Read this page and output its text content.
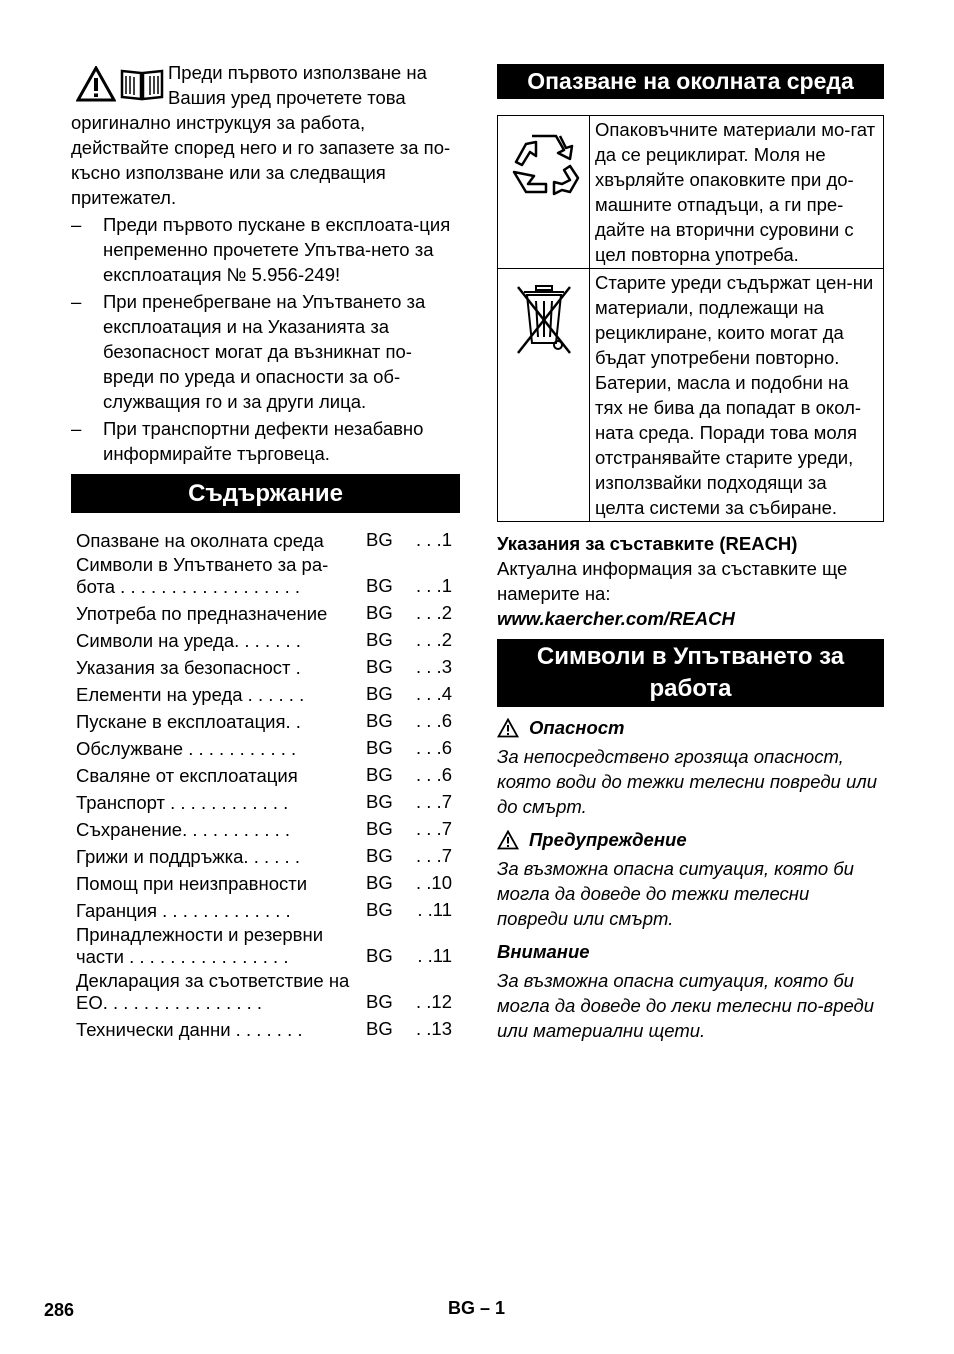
Преди първото използване на
Вашия уред прочетете това
оригинално инструкцуя за работа, действайте според него и го запазете за по-късно използване или за следващия притежател.
– Преди първото пускане в експлоата-ция непременно прочетете Упътва-нето за експлоатация № 5.956-249!
– При пренебрегване на Упътването за експлоатация и на Указанията за безопасност могат да възникнат по-вреди по уреда и опасности за об-служващия го и за други лица.
– При транспортни дефекти незабавно информирайте търговеца.
Съдържание
Опазване на околната среда	BG	. . .1
Символи в Упътването за ра-бота . . . . . . . . . . . . . . . . . .	BG	. . .1
Употреба по предназначение	BG	. . .2
Символи на уреда. . . . . . .	BG	. . .2
Указания за безопасност .	BG	. . .3
Елементи на уреда . . . . . .	BG	. . .4
Пускане в експлоатация. .	BG	. . .6
Обслужване . . . . . . . . . . .	BG	. . .6
Сваляне от експлоатация	BG	. . .6
Транспорт . . . . . . . . . . . .	BG	. . .7
Съхранение. . . . . . . . . . .	BG	. . .7
Грижи и поддръжка. . . . . .	BG	. . .7
Помощ при неизправности	BG	. .10
Гаранция . . . . . . . . . . . . .	BG	. .11
Принадлежности и резервни части . . . . . . . . . . . . . . . .	BG	. .11
Декларация за съответствие на ЕО. . . . . . . . . . . . . . . .	BG	. .12
Технически данни . . . . . . .	BG	. .13
Опазване на околната среда
	Опаковъчните материали мо-гат да се рециклират. Моля не хвърляйте опаковките при до-машните отпадъци, а ги пре-дайте на вторични суровини с цел повторна употреба.
	Старите уреди съдържат цен-ни материали, подлежащи на рециклиране, които могат да бъдат употребени повторно. Батерии, масла и подобни на тях не бива да попадат в окол-ната среда. Поради това моля отстранявайте старите уреди, използвайки подходящи за целта системи за събиране.
Указания за съставките (REACH)
Актуална информация за съставките ще намерите на:
www.kaercher.com/REACH
Символи в Упътването за работа
Опасност
За непосредствено грозяща опасност, която води до тежки телесни повреди или до смърт.
Предупреждение
За възможна опасна ситуация, която би могла да доведе до тежки телесни повреди или смърт.
Внимание
За възможна опасна ситуация, която би могла да доведе до леки телесни по-вреди или материални щети.
286	BG – 1
